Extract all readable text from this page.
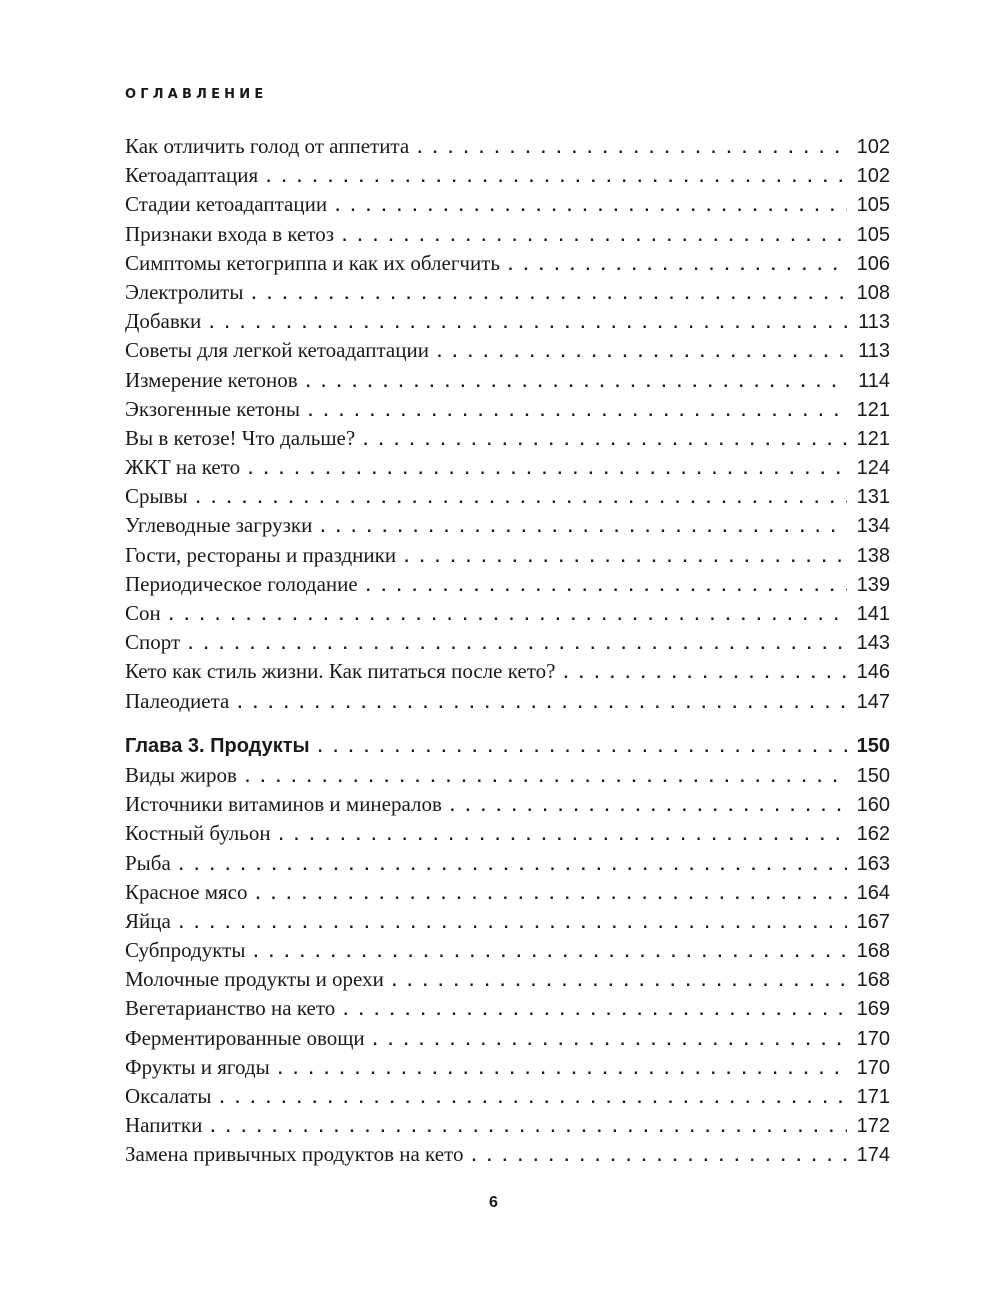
ОГЛАВЛЕНИЕ
Как отличить голод от аппетита . . .	102
Кетоадаптация . . .	102
Стадии кетоадаптации . . .	105
Признаки входа в кетоз . . .	105
Симптомы кетогриппа и как их облегчить . . .	106
Электролиты . . .	108
Добавки . . .	113
Советы для легкой кетоадаптации . . .	113
Измерение кетонов . . .	114
Экзогенные кетоны . . .	121
Вы в кетозе! Что дальше? . . .	121
ЖКТ на кето . . .	124
Срывы . . .	131
Углеводные загрузки . . .	134
Гости, рестораны и праздники . . .	138
Периодическое голодание . . .	139
Сон . . .	141
Спорт . . .	143
Кето как стиль жизни. Как питаться после кето? . . .	146
Палеодиета . . .	147
Глава 3. Продукты . . .	150
Виды жиров . . .	150
Источники витаминов и минералов . . .	160
Костный бульон . . .	162
Рыба . . .	163
Красное мясо . . .	164
Яйца . . .	167
Субпродукты . . .	168
Молочные продукты и орехи . . .	168
Вегетарианство на кето . . .	169
Ферментированные овощи . . .	170
Фрукты и ягоды . . .	170
Оксалаты . . .	171
Напитки . . .	172
Замена привычных продуктов на кето . . .	174
6
